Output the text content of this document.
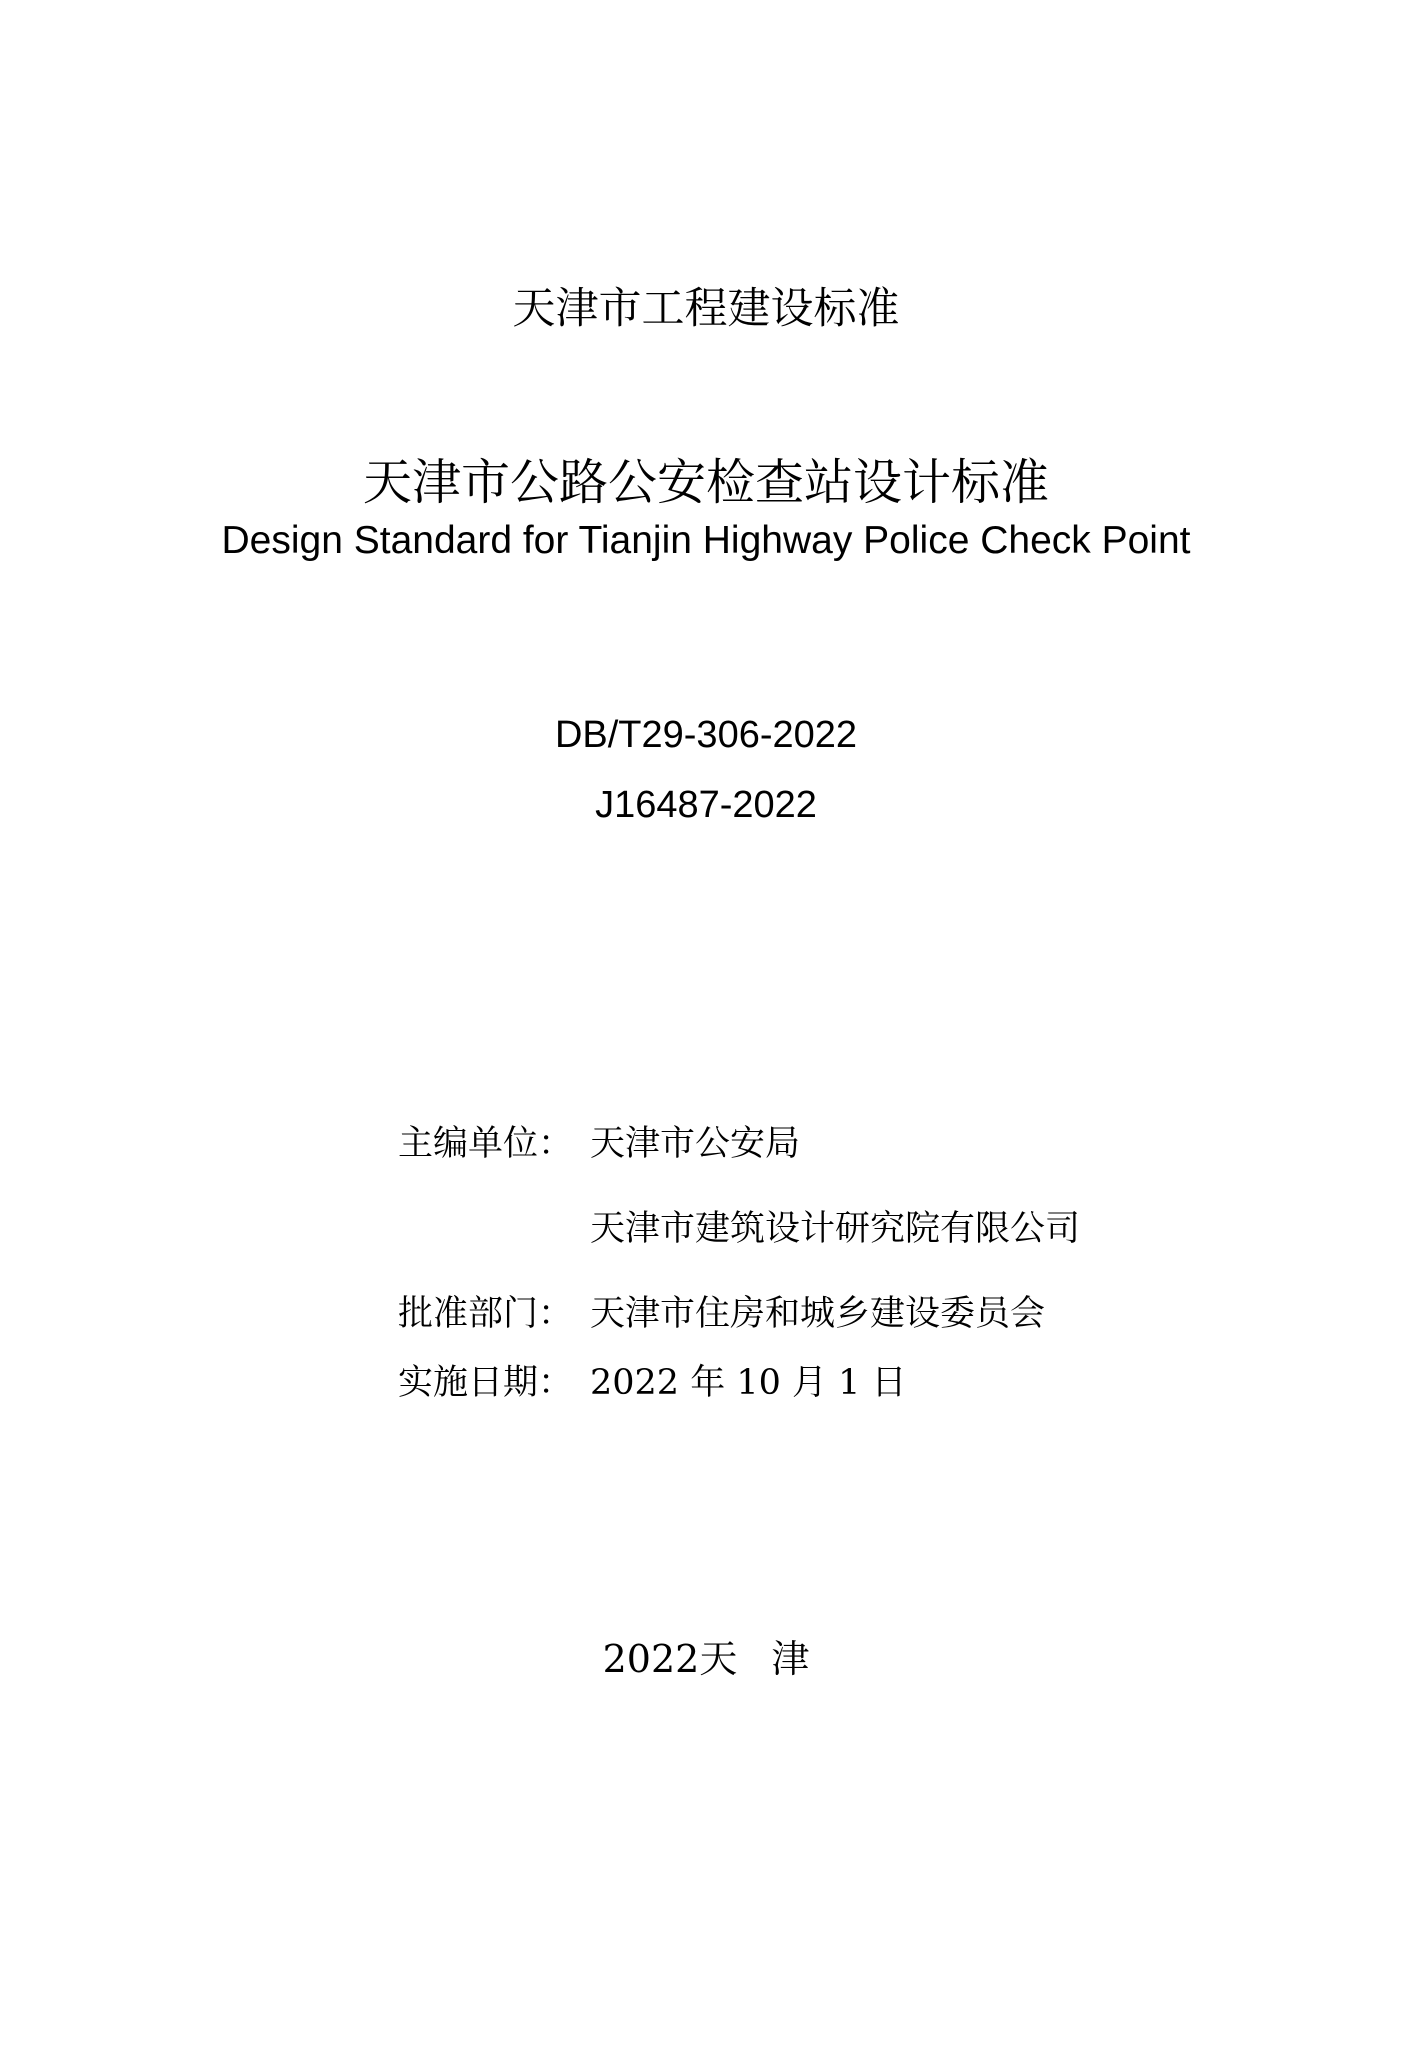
天津市工程建设标准
天津市公路公安检查站设计标准
Design Standard for Tianjin Highway Police Check Point
DB/T29-306-2022
J16487-2022
主编单位： 天津市公安局
天津市建筑设计研究院有限公司
批准部门： 天津市住房和城乡建设委员会
实施日期： 2022 年 10 月 1 日
2022天 津
